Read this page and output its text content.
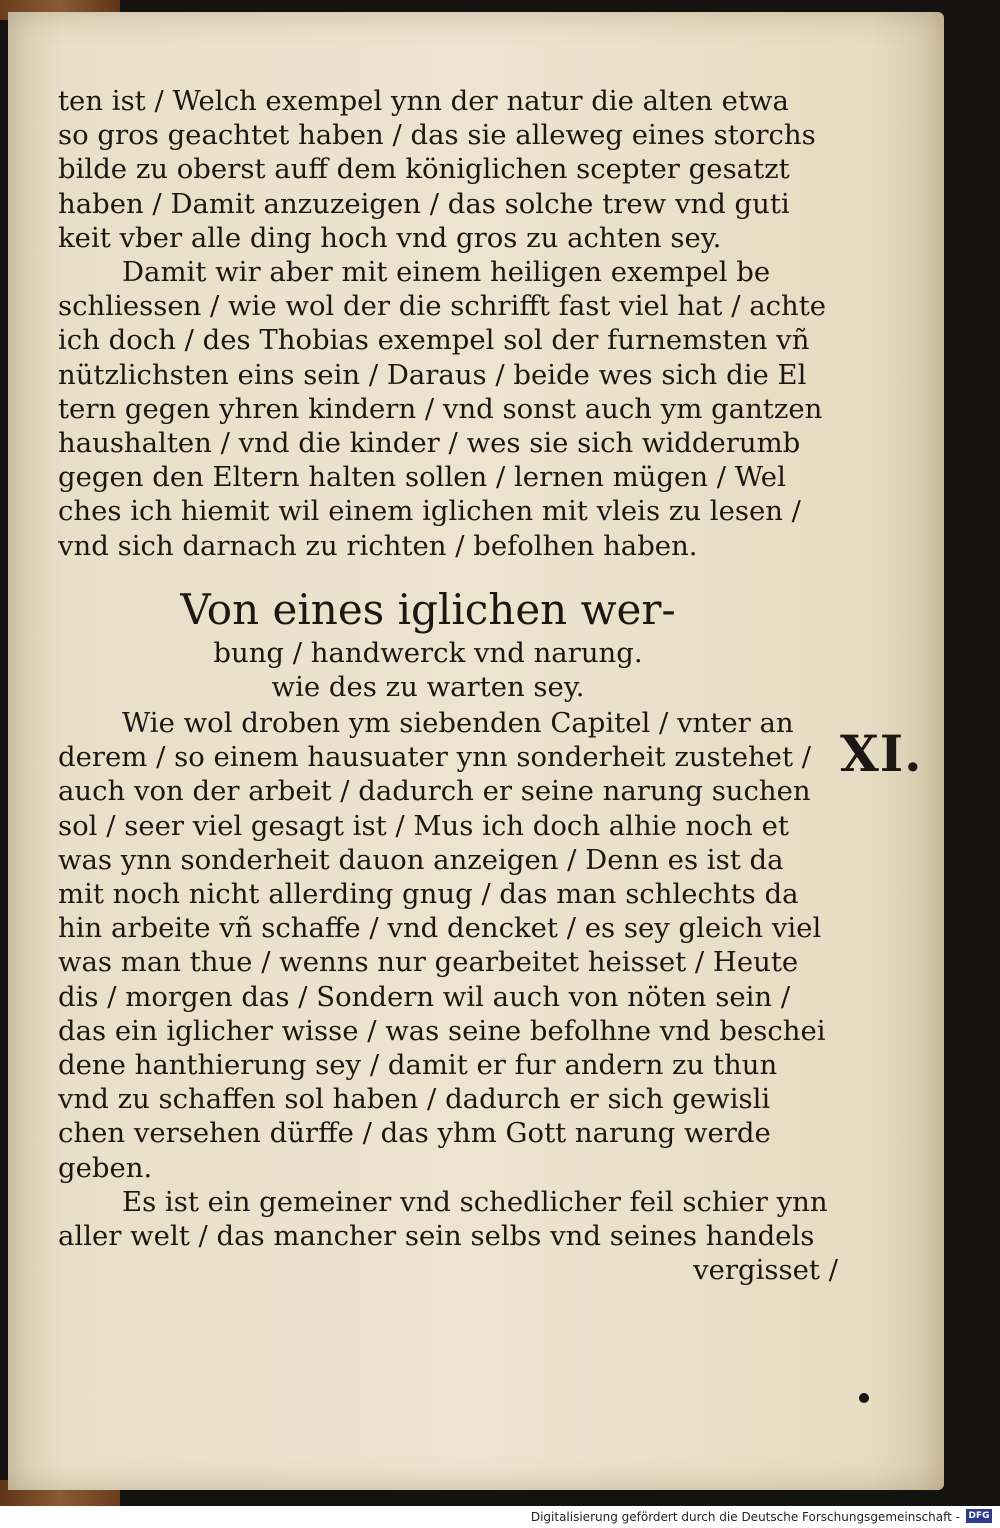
ten ist / Welch exempel ynn der natur die alten etwa
so gros geachtet haben / das sie alleweg eines storchs
bilde zu oberst auff dem königlichen scepter gesatzt
haben / Damit anzuzeigen / das solche trew vnd guti
keit vber alle ding hoch vnd gros zu achten sey.
Damit wir aber mit einem heiligen exempel be
schliessen / wie wol der die schrifft fast viel hat / achte
ich doch / des Thobias exempel sol der furnemsten vñ
nützlichsten eins sein / Daraus / beide wes sich die El
tern gegen yhren kindern / vnd sonst auch ym gantzen
haushalten / vnd die kinder / wes sie sich widderumb
gegen den Eltern halten sollen / lernen mügen / Wel
ches ich hiemit wil einem iglichen mit vleis zu lesen /
vnd sich darnach zu richten / befolhen haben.
Von eines iglichen wer-
bung / handwerck vnd narung.
wie des zu warten sey.
Wie wol droben ym siebenden Capitel / vnter an
derem / so einem hausuater ynn sonderheit zustehet /
auch von der arbeit / dadurch er seine narung suchen
sol / seer viel gesagt ist / Mus ich doch alhie noch et
was ynn sonderheit dauon anzeigen / Denn es ist da
mit noch nicht allerding gnug / das man schlechts da
hin arbeite vñ schaffe / vnd dencket / es sey gleich viel
was man thue / wenns nur gearbeitet heisset / Heute
dis / morgen das / Sondern wil auch von nöten sein /
das ein iglicher wisse / was seine befolhne vnd beschei
dene hanthierung sey / damit er fur andern zu thun
vnd zu schaffen sol haben / dadurch er sich gewisli
chen versehen dürffe / das yhm Gott narung werde
geben.
Es ist ein gemeiner vnd schedlicher feil schier ynn
aller welt / das mancher sein selbs vnd seines handels
vergisset /
XI.
Digitalisierung gefördert durch die Deutsche Forschungsgemeinschaft - DFG
